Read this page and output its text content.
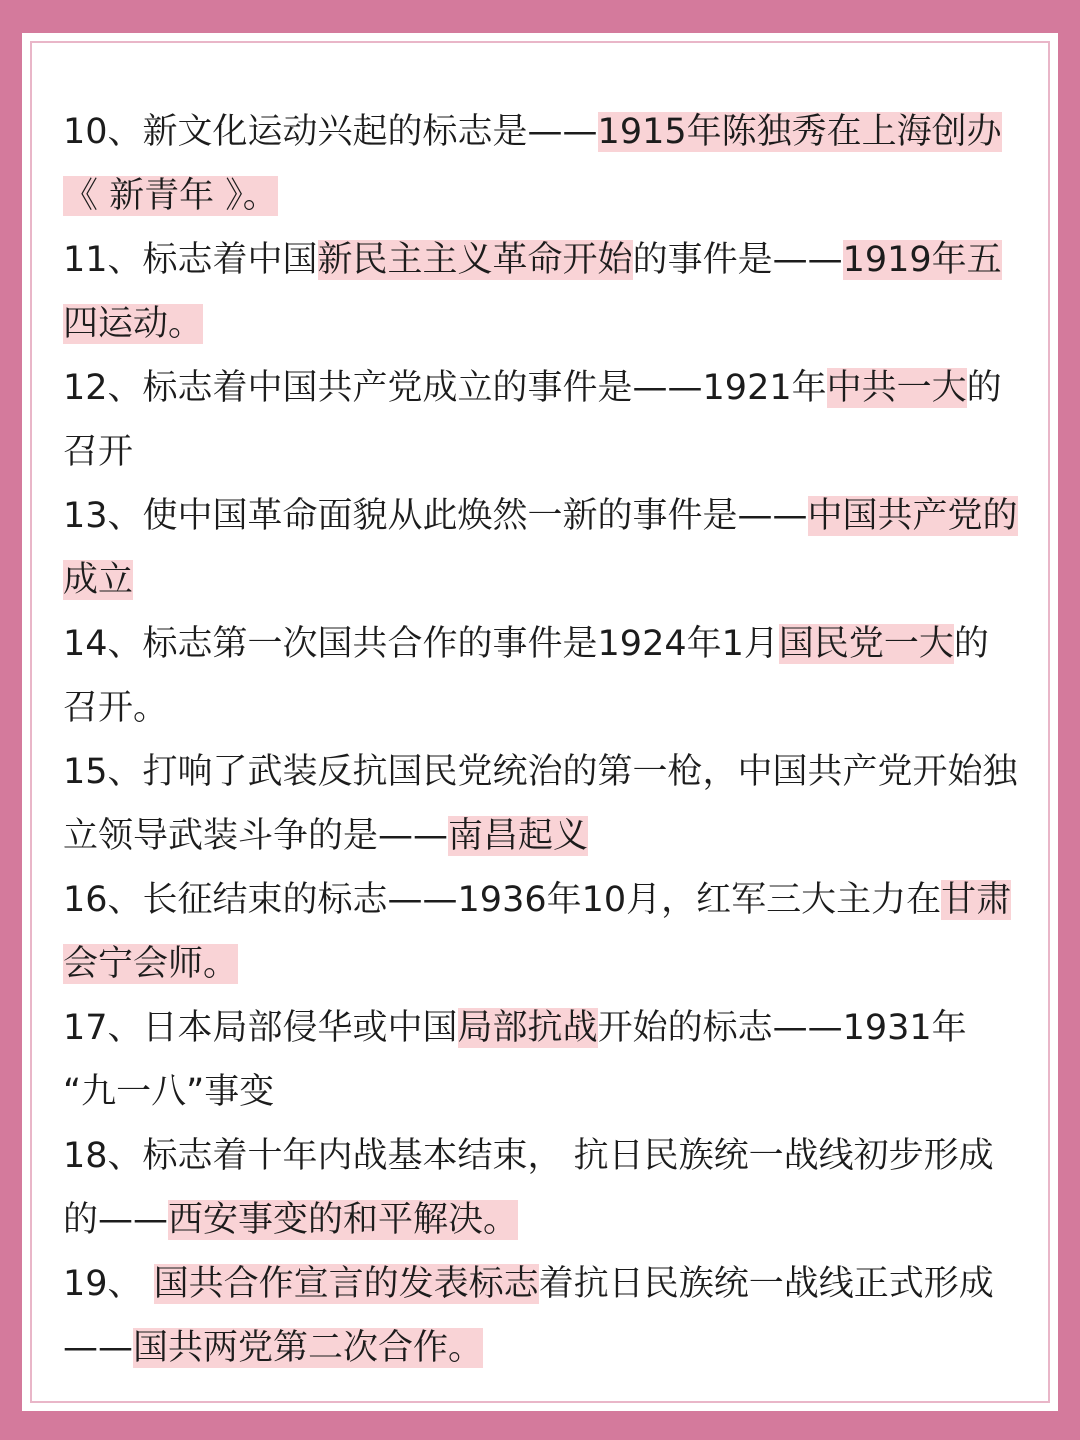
10、新文化运动兴起的标志是——1915年陈独秀在上海创办《 新青年 》。
11、标志着中国新民主主义革命开始的事件是——1919年五四运动。
12、标志着中国共产党成立的事件是——1921年中共一大的召开
13、使中国革命面貌从此焕然一新的事件是——中国共产党的成立
14、标志第一次国共合作的事件是1924年1月国民党一大的召开。
15、打响了武装反抗国民党统治的第一枪，中国共产党开始独立领导武装斗争的是——南昌起义
16、长征结束的标志——1936年10月，红军三大主力在甘肃会宁会师。
17、日本局部侵华或中国局部抗战开始的标志——1931年 “九一八”事变
18、标志着十年内战基本结束， 抗日民族统一战线初步形成的——西安事变的和平解决。
19、 国共合作宣言的发表标志着抗日民族统一战线正式形成——国共两党第二次合作。
